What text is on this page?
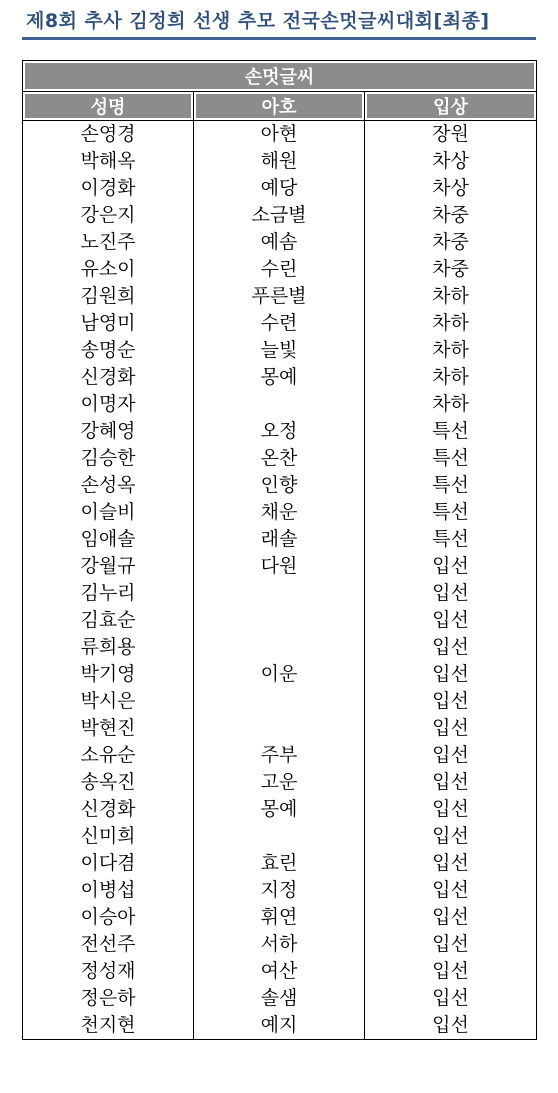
제8회 추사 김정희 선생 추모 전국손멋글씨대회[최종]
손멋글씨		
성명	아호	입상
손영경	아현	장원
박해옥	해원	차상
이경화	예당	차상
강은지	소금별	차중
노진주	예솜	차중
유소이	수린	차중
김원희	푸른별	차하
남영미	수련	차하
송명순	늘빛	차하
신경화	몽예	차하
이명자		차하
강혜영	오정	특선
김승한	온찬	특선
손성옥	인향	특선
이슬비	채운	특선
임애솔	래솔	특선
강월규	다원	입선
김누리		입선
김효순		입선
류희용		입선
박기영	이운	입선
박시은		입선
박현진		입선
소유순	주부	입선
송옥진	고운	입선
신경화	몽예	입선
신미희		입선
이다겸	효린	입선
이병섭	지정	입선
이승아	휘연	입선
전선주	서하	입선
정성재	여산	입선
정은하	솔샘	입선
천지현	예지	입선
